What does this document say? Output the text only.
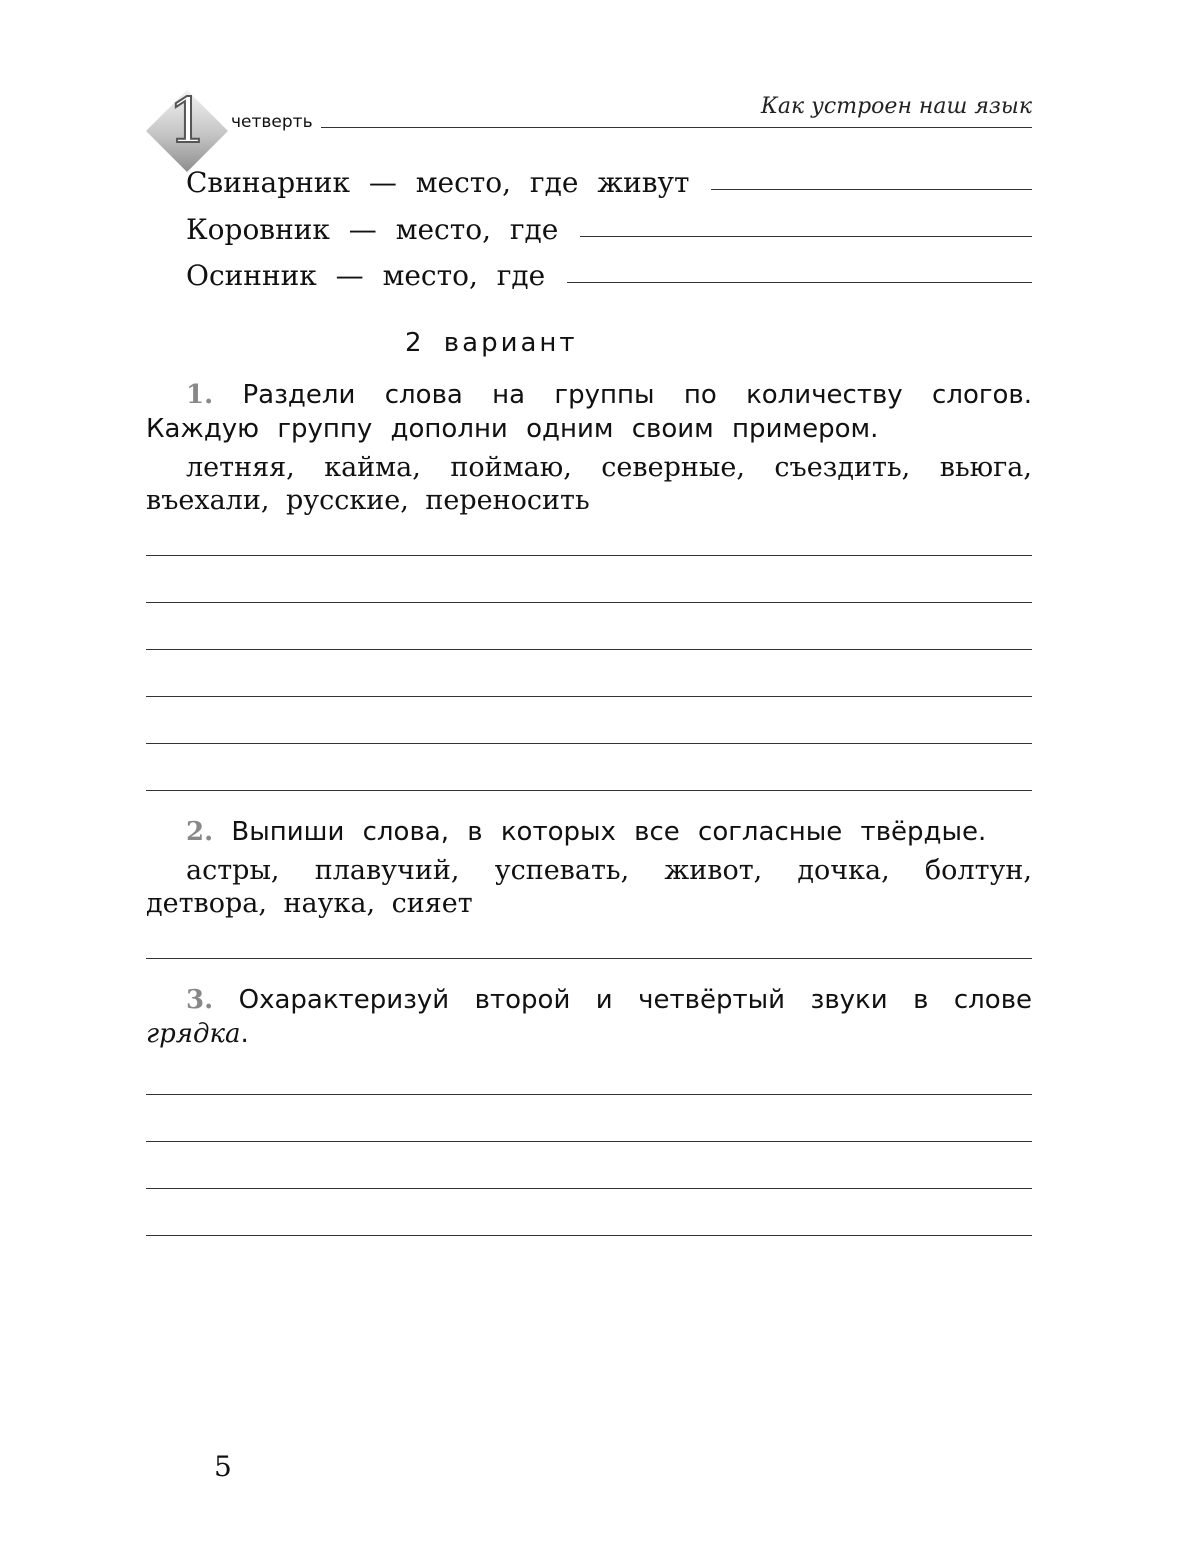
1	четверть
Как устроен наш язык
Свинарник — место, где живут
Коровник — место, где
Осинник — место, где
2 вариант
1. Раздели слова на группы по количеству слогов. Каждую группу дополни одним своим примером.
летняя, кайма, поймаю, северные, съездить, вьюга, въехали, русские, переносить
2. Выпиши слова, в которых все согласные твёрдые.
астры, плавучий, успевать, живот, дочка, болтун, детвора, наука, сияет
3. Охарактеризуй второй и четвёртый звуки в слове грядка.
5
